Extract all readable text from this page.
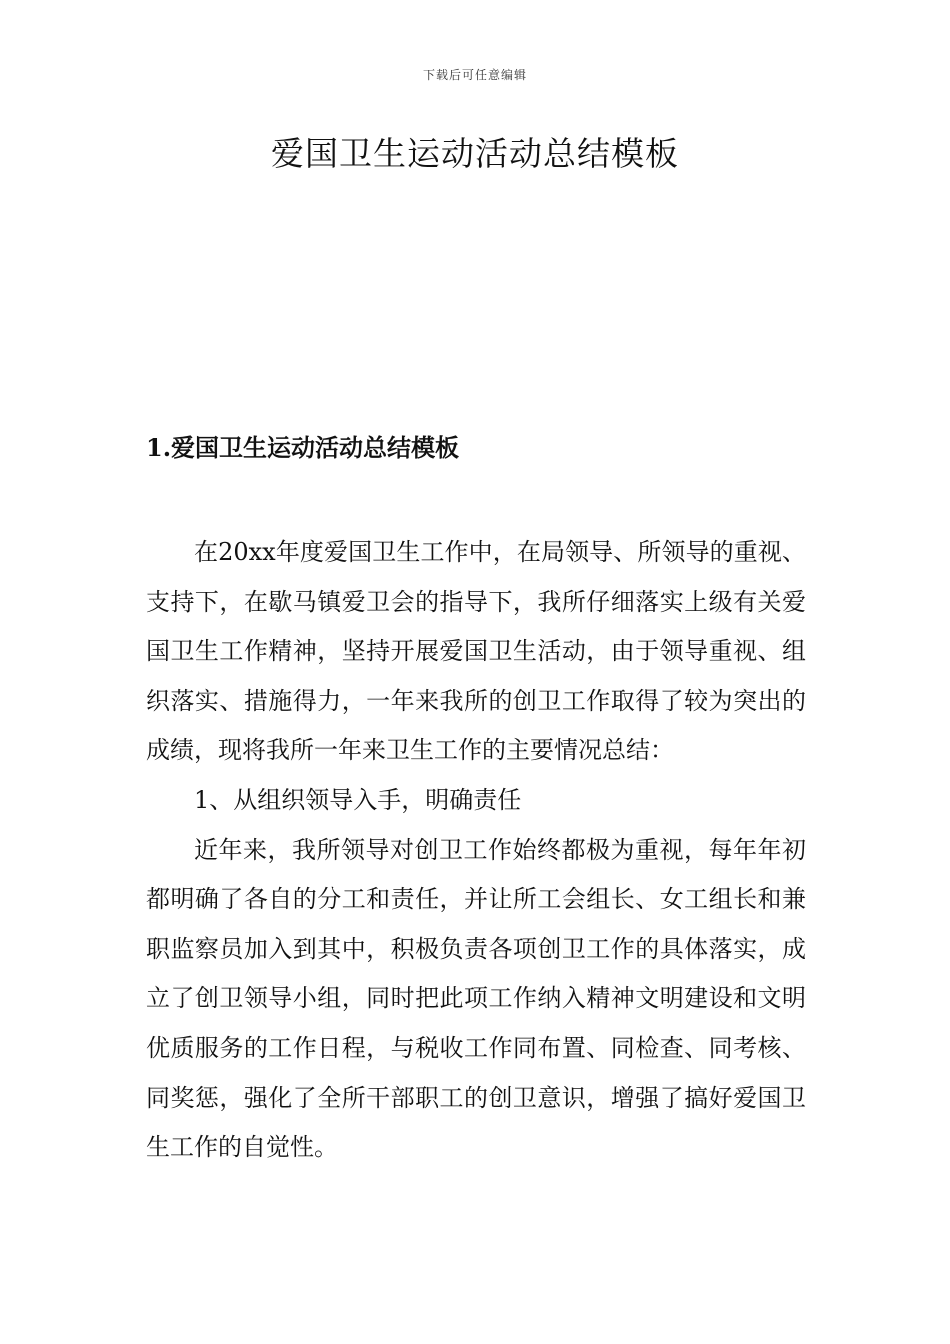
下载后可任意编辑
爱国卫生运动活动总结模板
1.爱国卫生运动活动总结模板

在20xx年度爱国卫生工作中，在局领导、所领导的重视、支持下，在歇马镇爱卫会的指导下，我所仔细落实上级有关爱国卫生工作精神，坚持开展爱国卫生活动，由于领导重视、组织落实、措施得力，一年来我所的创卫工作取得了较为突出的成绩，现将我所一年来卫生工作的主要情况总结：

1、从组织领导入手，明确责任

近年来，我所领导对创卫工作始终都极为重视，每年年初都明确了各自的分工和责任，并让所工会组长、女工组长和兼 职监察员加入到其中，积极负责各项创卫工作的具体落实，成立了创卫领导小组，同时把此项工作纳入精神文明建设和文明优质服务的工作日程，与税收工作同布置、同检查、同考核、同奖惩，强化了全所干部职工的创卫意识，增强了搞好爱国卫生工作的自觉性。
